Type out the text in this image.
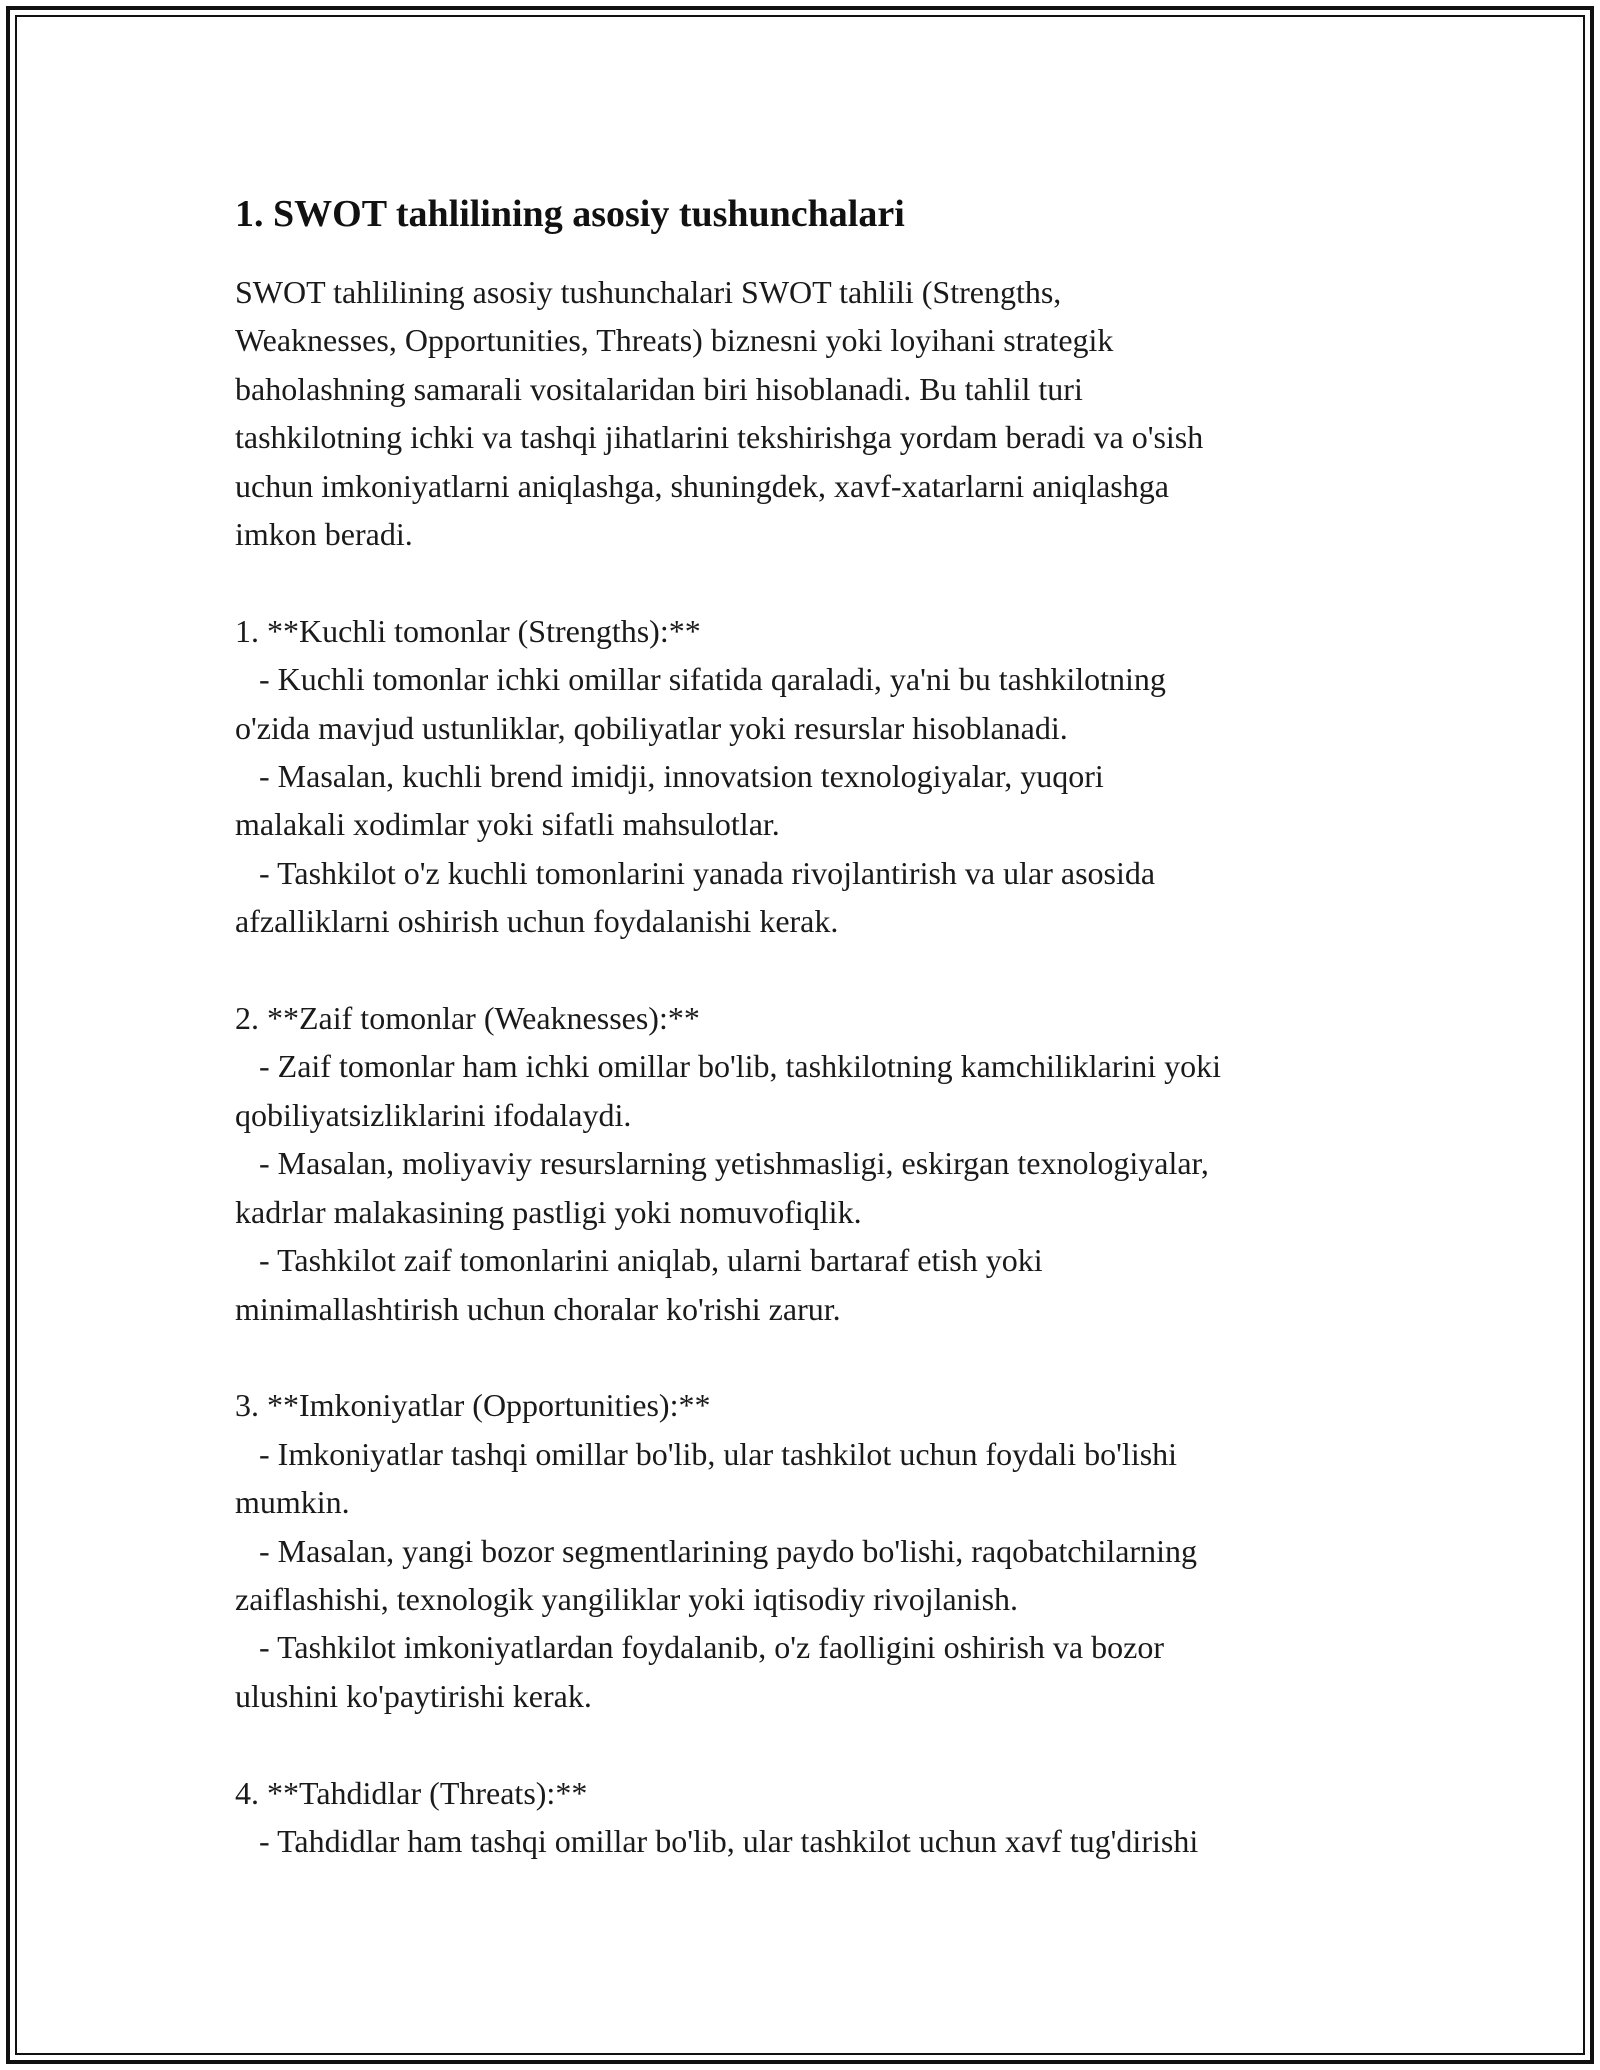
1. SWOT tahlilining asosiy tushunchalari

SWOT tahlilining asosiy tushunchalari SWOT tahlili (Strengths,
Weaknesses, Opportunities, Threats) biznesni yoki loyihani strategik
baholashning samarali vositalaridan biri hisoblanadi. Bu tahlil turi
tashkilotning ichki va tashqi jihatlarini tekshirishga yordam beradi va o'sish
uchun imkoniyatlarni aniqlashga, shuningdek, xavf-xatarlarni aniqlashga
imkon beradi.

1. **Kuchli tomonlar (Strengths):**

- Kuchli tomonlar ichki omillar sifatida qaraladi, ya'ni bu tashkilotning
o'zida mavjud ustunliklar, qobiliyatlar yoki resurslar hisoblanadi.
- Masalan, kuchli brend imidji, innovatsion texnologiyalar, yuqori
malakali xodimlar yoki sifatli mahsulotlar.
- Tashkilot o'z kuchli tomonlarini yanada rivojlantirish va ular asosida
afzalliklarni oshirish uchun foydalanishi kerak.

2. **Zaif tomonlar (Weaknesses):**

- Zaif tomonlar ham ichki omillar bo'lib, tashkilotning kamchiliklarini yoki
qobiliyatsizliklarini ifodalaydi.
- Masalan, moliyaviy resurslarning yetishmasligi, eskirgan texnologiyalar,
kadrlar malakasining pastligi yoki nomuvofiqlik.
- Tashkilot zaif tomonlarini aniqlab, ularni bartaraf etish yoki
minimallashtirish uchun choralar ko'rishi zarur.

3. **Imkoniyatlar (Opportunities):**

- Imkoniyatlar tashqi omillar bo'lib, ular tashkilot uchun foydali bo'lishi
mumkin.
- Masalan, yangi bozor segmentlarining paydo bo'lishi, raqobatchilarning
zaiflashishi, texnologik yangiliklar yoki iqtisodiy rivojlanish.
- Tashkilot imkoniyatlardan foydalanib, o'z faolligini oshirish va bozor
ulushini ko'paytirishi kerak.

4. **Tahdidlar (Threats):**

- Tahdidlar ham tashqi omillar bo'lib, ular tashkilot uchun xavf tug'dirishi
